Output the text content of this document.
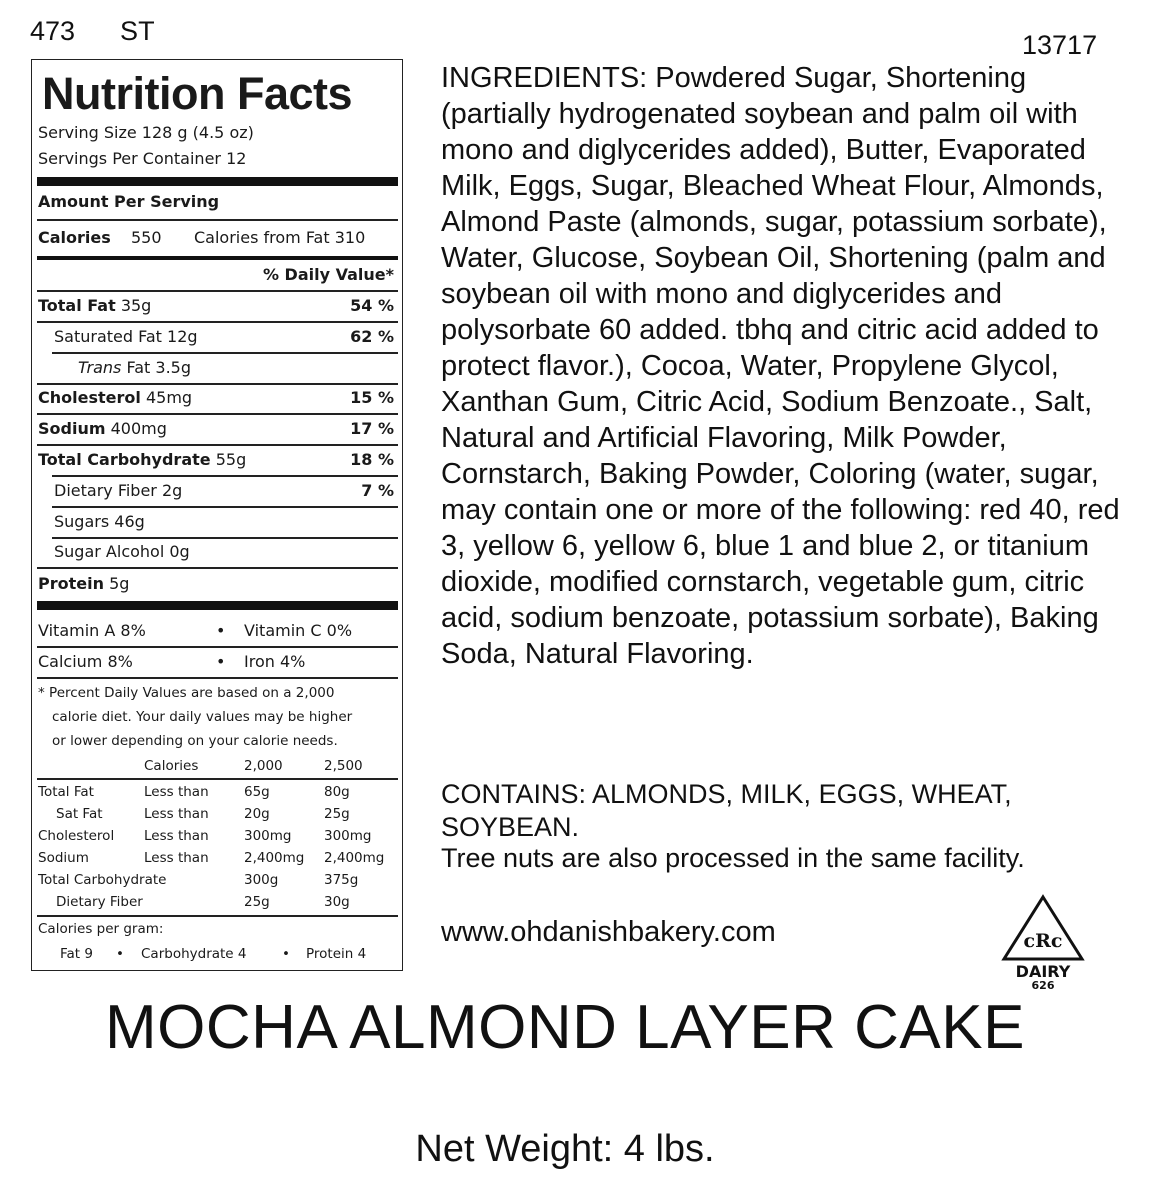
473      ST	13717
Nutrition Facts
Serving Size 128 g (4.5 oz)
Servings Per Container 12
Amount Per Serving
Calories 550 Calories from Fat 310
% Daily Value*
Total Fat 35g	54 %
Saturated Fat 12g	62 %
Trans Fat 3.5g
Cholesterol 45mg	15 %
Sodium 400mg	17 %
Total Carbohydrate 55g	18 %
Dietary Fiber 2g	7 %
Sugars 46g
Sugar Alcohol 0g
Protein 5g
Vitamin A 8%	• Vitamin C 0%
Calcium 8%	• Iron 4%
* Percent Daily Values are based on a 2,000
calorie diet. Your daily values may be higher
or lower depending on your calorie needs.
Calories	2,000	2,500
Total Fat	Less than	65g	80g
Sat Fat	Less than	20g	25g
Cholesterol Less than	300mg 300mg
Sodium	Less than	2,400mg 2,400mg
Total Carbohydrate	300g	375g
Dietary Fiber	25g	30g
Calories per gram:
Fat 9 • Carbohydrate 4	• Protein 4

INGREDIENTS: Powdered Sugar, Shortening (partially hydrogenated soybean and palm oil with mono and diglycerides added), Butter, Evaporated Milk, Eggs, Sugar, Bleached Wheat Flour, Almonds, Almond Paste (almonds, sugar, potassium sorbate), Water, Glucose, Soybean Oil, Shortening (palm and soybean oil with mono and diglycerides and polysorbate 60 added. tbhq and citric acid added to protect flavor.), Cocoa, Water, Propylene Glycol, Xanthan Gum, Citric Acid, Sodium Benzoate., Salt, Natural and Artificial Flavoring, Milk Powder, Cornstarch, Baking Powder, Coloring (water, sugar, may contain one or more of the following: red 40, red 3, yellow 6, yellow 6, blue 1 and blue 2, or titanium dioxide, modified cornstarch, vegetable gum, citric acid, sodium benzoate, potassium sorbate), Baking Soda, Natural Flavoring.

CONTAINS: ALMONDS, MILK, EGGS, WHEAT, SOYBEAN.
Tree nuts are also processed in the same facility.
www.ohdanishbakery.com	cRc
DAIRY
626
MOCHA ALMOND LAYER CAKE
Net Weight: 4 lbs.
